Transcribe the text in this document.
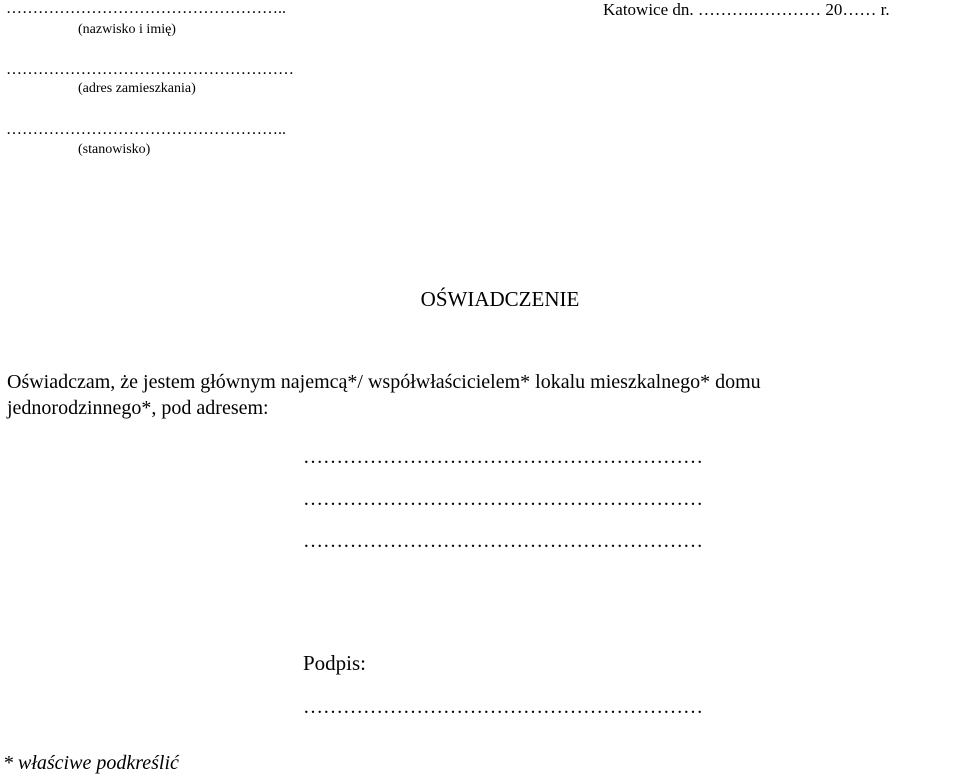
……………………………………………..
(nazwisko i imię)
………………………………………………
(adres zamieszkania)
……………………………………………..
(stanowisko)
Katowice dn. ……….………… 20…… r.
OŚWIADCZENIE
Oświadczam, że jestem głównym najemcą*/ współwłaścicielem* lokalu mieszkalnego* domu
jednorodzinnego*, pod adresem:
……………………………………………………
……………………………………………………
……………………………………………………
Podpis:
……………………………………………………
* właściwe podkreślić
